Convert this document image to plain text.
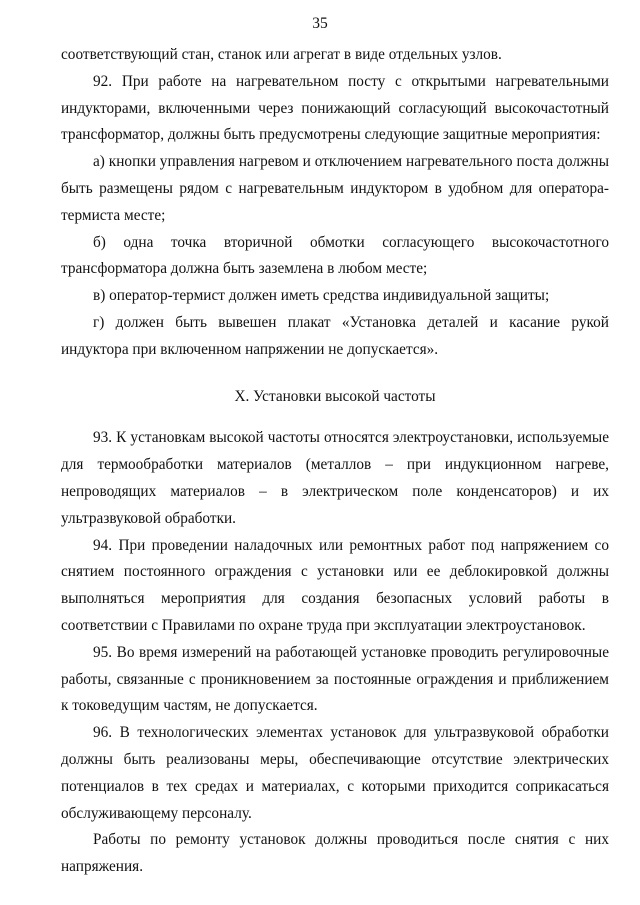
35

соответствующий стан, станок или агрегат в виде отдельных узлов.

92. При работе на нагревательном посту с открытыми нагревательными индукторами, включенными через понижающий согласующий высокочастотный трансформатор, должны быть предусмотрены следующие защитные мероприятия:

а) кнопки управления нагревом и отключением нагревательного поста должны быть размещены рядом с нагревательным индуктором в удобном для оператора-термиста месте;

б) одна точка вторичной обмотки согласующего высокочастотного трансформатора должна быть заземлена в любом месте;

в) оператор-термист должен иметь средства индивидуальной защиты;

г) должен быть вывешен плакат «Установка деталей и касание рукой индуктора при включенном напряжении не допускается».

X. Установки высокой частоты

93. К установкам высокой частоты относятся электроустановки, используемые для термообработки материалов (металлов – при индукционном нагреве, непроводящих материалов – в электрическом поле конденсаторов) и их ультразвуковой обработки.

94. При проведении наладочных или ремонтных работ под напряжением со снятием постоянного ограждения с установки или ее деблокировкой должны выполняться мероприятия для создания безопасных условий работы в соответствии с Правилами по охране труда при эксплуатации электроустановок.

95. Во время измерений на работающей установке проводить регулировочные работы, связанные с проникновением за постоянные ограждения и приближением к токоведущим частям, не допускается.

96. В технологических элементах установок для ультразвуковой обработки должны быть реализованы меры, обеспечивающие отсутствие электрических потенциалов в тех средах и материалах, с которыми приходится соприкасаться обслуживающему персоналу.

Работы по ремонту установок должны проводиться после снятия с них напряжения.
